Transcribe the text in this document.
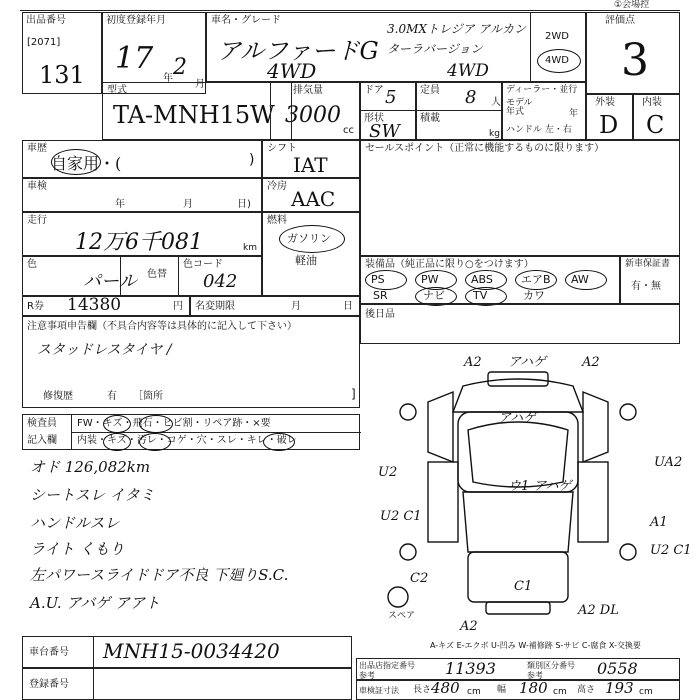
出品番号
[2071]
131
初度登録年月
17
年 2
月
車名・グレード
アルファードG
4WD
3.0MXトレジア アルカンターラバージョン
4WD
2WD
4WD
評価点
3
①会場控
型式
TA-MNH15W
排気量
3000
cc
ドア 5 定員 8 人
形状
SW
積載
kg
ディーラー・並行
モデル年式	年
ハンドル 左・右
外装
D
内装
C
車歴
自家用・(	)
車検
年	月	日)
走行
12万6千081	km
色
パール 色替
色コード
042
シフト
IAT
冷房
AAC
燃料
ガソリン
軽油
セールスポイント（正常に機能するものに限ります）
装備品（純正品に限り○をつけます）
PS	PW	ABS	エアB AW
SR	ナビ	TV	カワ
新車保証書
有・無
R券 14380	円 名変期限	月	日
注意事項申告欄（不具合内容等は具体的に記入して下さい）
スタッドレスタイヤ /
修復歴	有 ［箇所	]
後日品
検査員
記入欄
FW・キズ・飛石・ヒビ割・リペア跡・×要
内装・キズ・汚レ・コゲ・穴・スレ・キレ・破レ
オド 126,082km
シートスレ イタミ
ハンドルスレ
ライト くもり
左パワースライドドア不良 下廻りS.C.
A.U. アバゲ アアト
A2 アハゲ	A2
アハゲ
U2
UA2
U2 C1
ウ1 アハゲ
A1
U2 C1
C2
C1
A2
A2 DL
スペア
A-キズ E-エクボ U-凹み W-補修跡 S-サビ C-腐食 X-交換要
車台番号 MNH15-0034420
登録番号
出品店指定番号
参考	11393	類別区分番号
参考	0558
車検証寸法 長さ 480 cm 幅 180 cm 高さ 193 cm
